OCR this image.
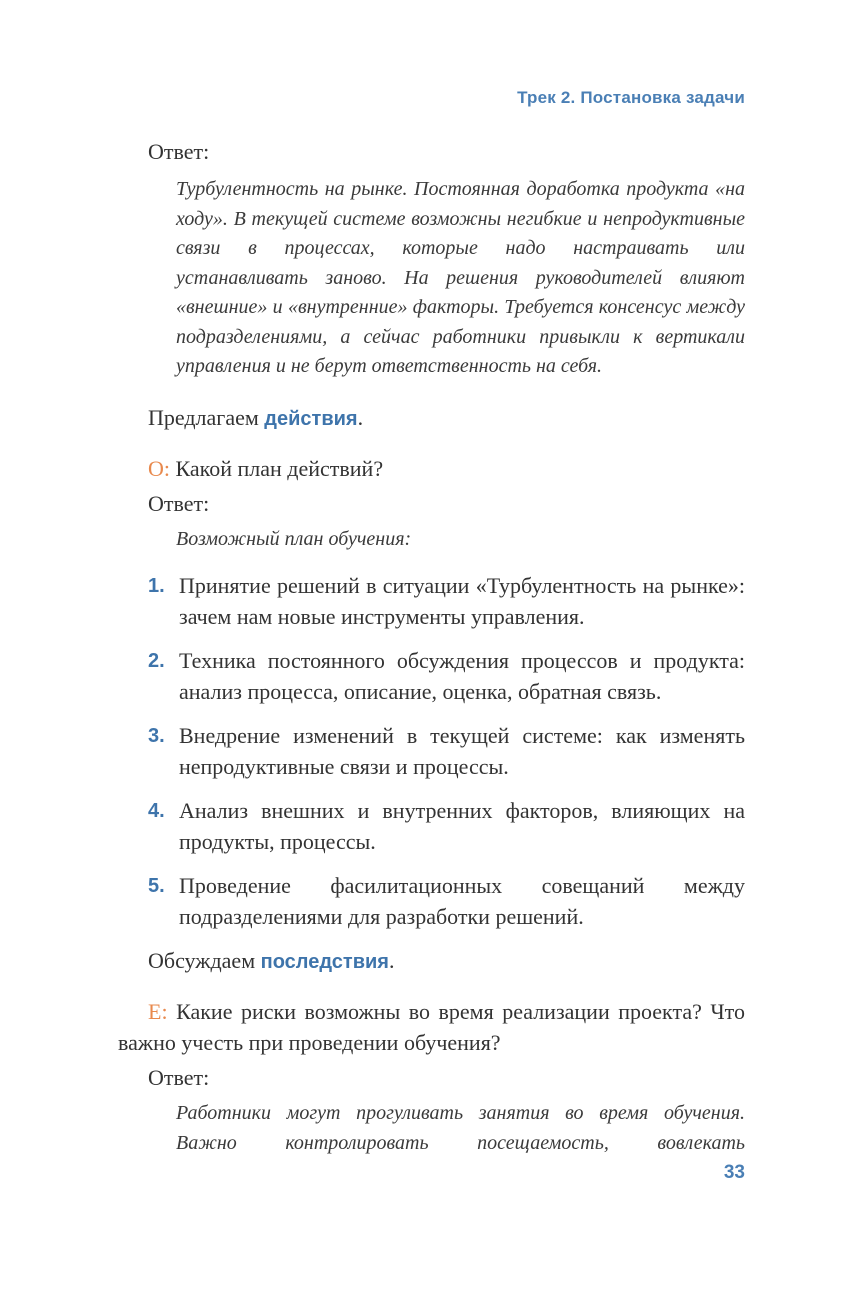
Трек 2. Постановка задачи

Ответ:

Турбулентность на рынке. Постоянная доработка продукта «на ходу». В текущей системе возможны негибкие и непродуктивные связи в процессах, которые надо настраивать или устанавливать заново. На решения руководителей влияют «внешние» и «внутренние» факторы. Требуется консенсус между подразделениями, а сейчас работники привыкли к вертикали управления и не берут ответственность на себя.

Предлагаем действия.

О: Какой план действий?

Ответ:

Возможный план обучения:

1. Принятие решений в ситуации «Турбулентность на рынке»: зачем нам новые инструменты управления.
2. Техника постоянного обсуждения процессов и продукта: анализ процесса, описание, оценка, обратная связь.
3. Внедрение изменений в текущей системе: как изменять непродуктивные связи и процессы.
4. Анализ внешних и внутренних факторов, влияющих на продукты, процессы.
5. Проведение фасилитационных совещаний между подразделениями для разработки решений.

Обсуждаем последствия.

Е: Какие риски возможны во время реализации проекта? Что важно учесть при проведении обучения?

Ответ:

Работники могут прогуливать занятия во время обучения. Важно контролировать посещаемость, вовлекать

33
